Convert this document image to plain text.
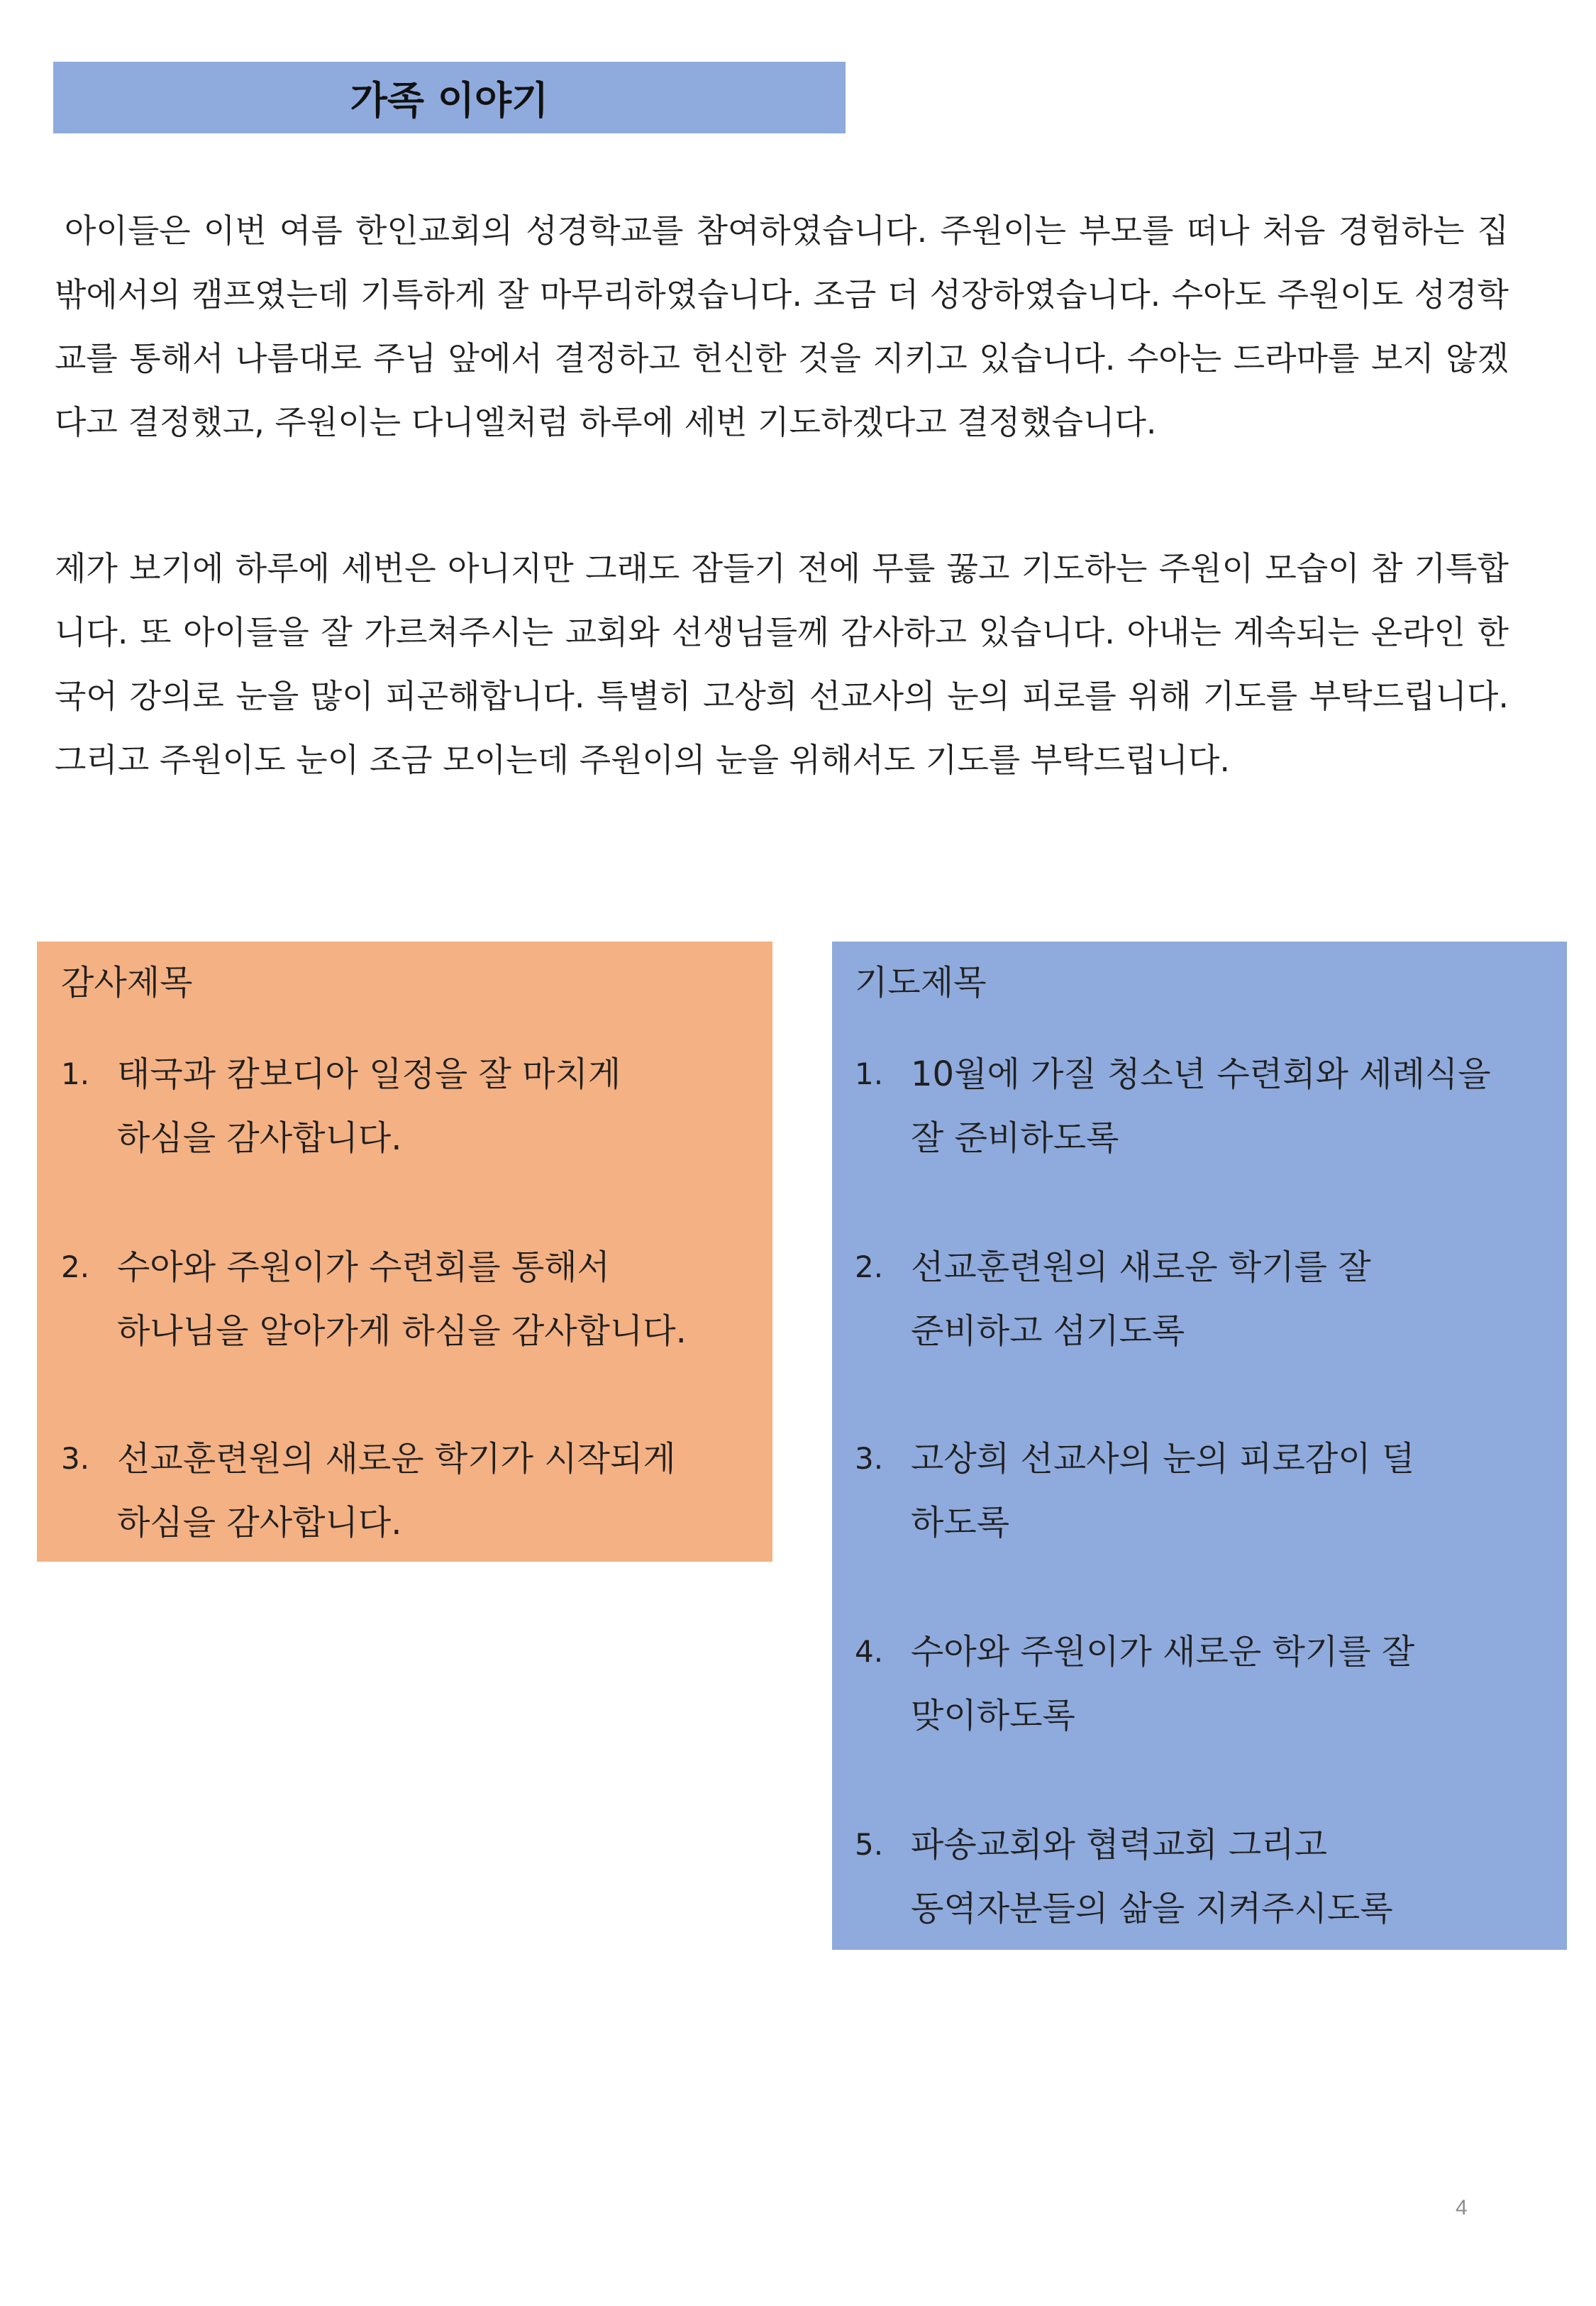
가족 이야기

아이들은 이번 여름 한인교회의 성경학교를 참여하였습니다. 주원이는 부모를 떠나 처음 경험하는 집 밖에서의 캠프였는데 기특하게 잘 마무리하였습니다. 조금 더 성장하였습니다. 수아도 주원이도 성경학교를 통해서 나름대로 주님 앞에서 결정하고 헌신한 것을 지키고 있습니다. 수아는 드라마를 보지 않겠다고 결정했고, 주원이는 다니엘처럼 하루에 세번 기도하겠다고 결정했습니다.

제가 보기에 하루에 세번은 아니지만 그래도 잠들기 전에 무릎 꿇고 기도하는 주원이 모습이 참 기특합니다. 또 아이들을 잘 가르쳐주시는 교회와 선생님들께 감사하고 있습니다. 아내는 계속되는 온라인 한국어 강의로 눈을 많이 피곤해합니다. 특별히 고상희 선교사의 눈의 피로를 위해 기도를 부탁드립니다. 그리고 주원이도 눈이 조금 모이는데 주원이의 눈을 위해서도 기도를 부탁드립니다.

감사제목
1. 태국과 캄보디아 일정을 잘 마치게
하심을 감사합니다.
2. 수아와 주원이가 수련회를 통해서
하나님을 알아가게 하심을 감사합니다.
3. 선교훈련원의 새로운 학기가 시작되게
하심을 감사합니다.
기도제목
1. 10월에 가질 청소년 수련회와 세례식을
잘 준비하도록
2. 선교훈련원의 새로운 학기를 잘
준비하고 섬기도록
3. 고상희 선교사의 눈의 피로감이 덜
하도록
4. 수아와 주원이가 새로운 학기를 잘
맞이하도록
5. 파송교회와 협력교회 그리고
동역자분들의 삶을 지켜주시도록
4
